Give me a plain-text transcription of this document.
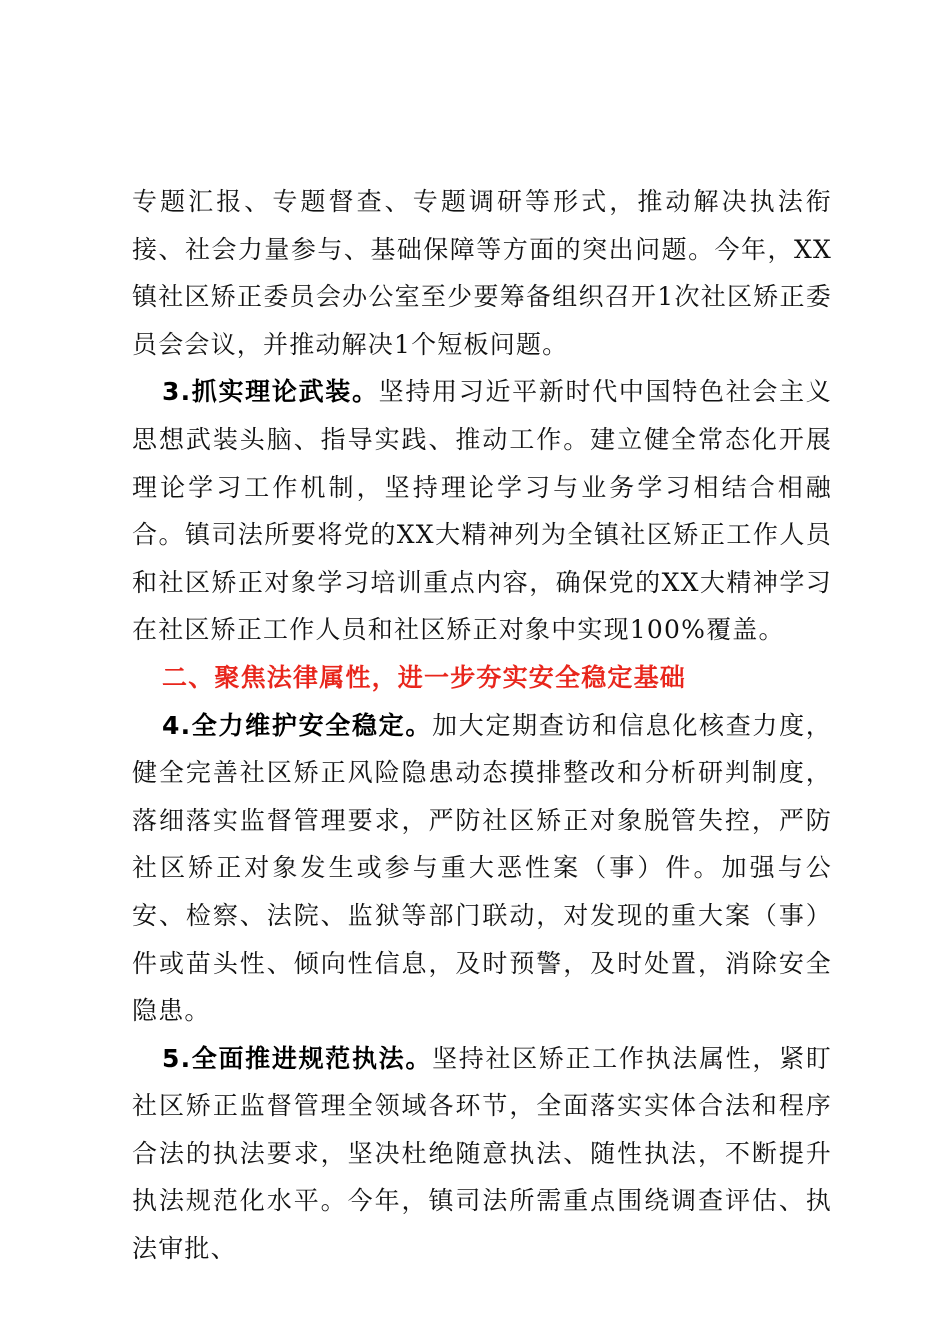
专题汇报、专题督查、专题调研等形式，推动解决执法衔接、社会力量参与、基础保障等方面的突出问题。今年，XX镇社区矫正委员会办公室至少要筹备组织召开1次社区矫正委员会会议，并推动解决1个短板问题。

3.抓实理论武装。坚持用习近平新时代中国特色社会主义思想武装头脑、指导实践、推动工作。建立健全常态化开展理论学习工作机制，坚持理论学习与业务学习相结合相融合。镇司法所要将党的XX大精神列为全镇社区矫正工作人员和社区矫正对象学习培训重点内容，确保党的XX大精神学习在社区矫正工作人员和社区矫正对象中实现100%覆盖。

二、聚焦法律属性，进一步夯实安全稳定基础

4.全力维护安全稳定。加大定期查访和信息化核查力度，健全完善社区矫正风险隐患动态摸排整改和分析研判制度，落细落实监督管理要求，严防社区矫正对象脱管失控，严防社区矫正对象发生或参与重大恶性案（事）件。加强与公安、检察、法院、监狱等部门联动，对发现的重大案（事）件或苗头性、倾向性信息，及时预警，及时处置，消除安全隐患。

5.全面推进规范执法。坚持社区矫正工作执法属性，紧盯社区矫正监督管理全领域各环节，全面落实实体合法和程序合法的执法要求，坚决杜绝随意执法、随性执法，不断提升执法规范化水平。今年，镇司法所需重点围绕调查评估、执法审批、
